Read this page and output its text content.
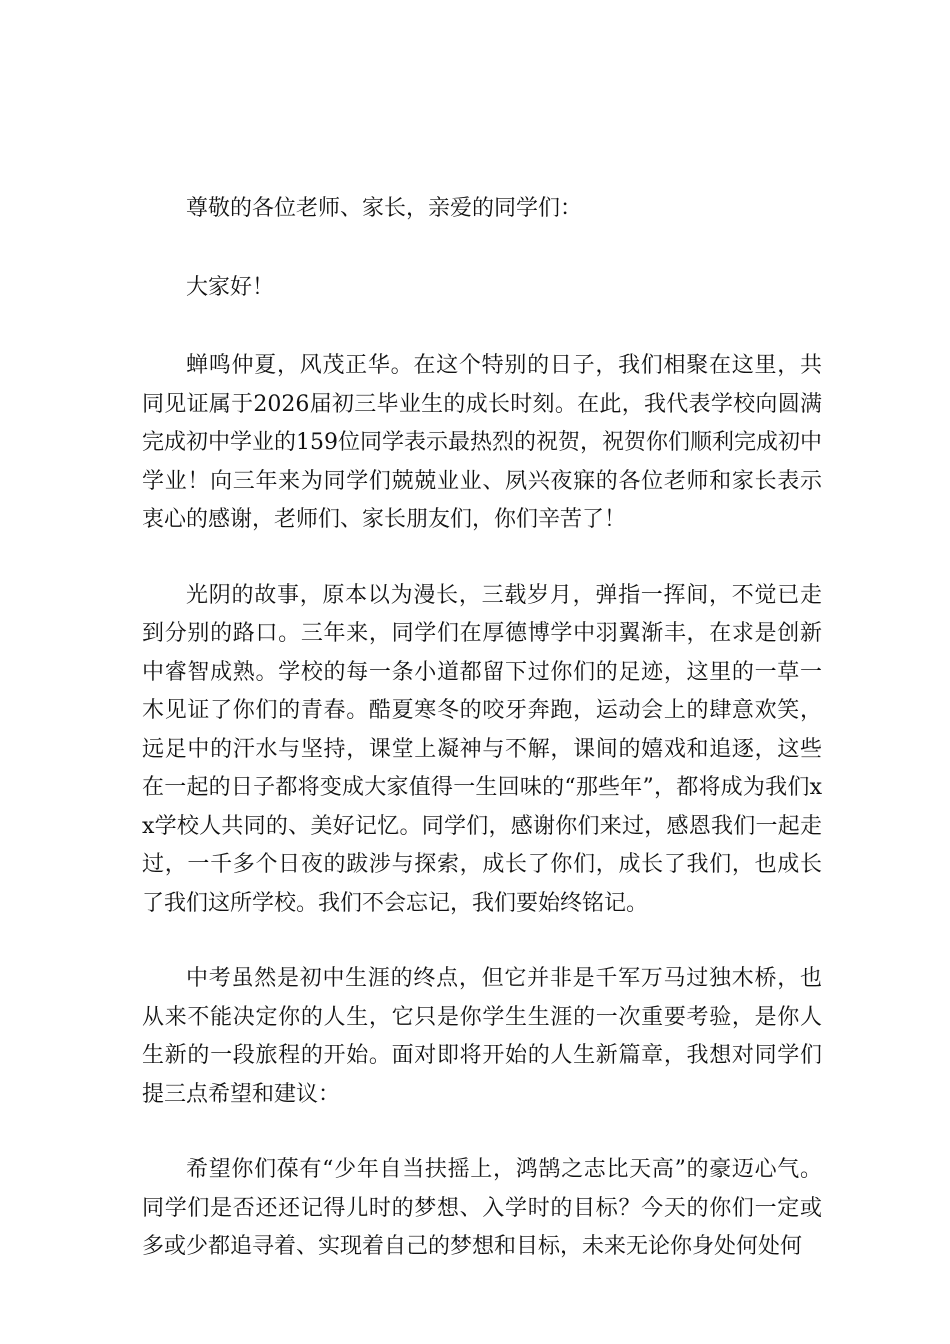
尊敬的各位老师、家长，亲爱的同学们：

大家好！

蝉鸣仲夏，风茂正华。在这个特别的日子，我们相聚在这里，共同见证属于2026届初三毕业生的成长时刻。在此，我代表学校向圆满完成初中学业的159位同学表示最热烈的祝贺，祝贺你们顺利完成初中学业！向三年来为同学们兢兢业业、夙兴夜寐的各位老师和家长表示衷心的感谢，老师们、家长朋友们，你们辛苦了！

光阴的故事，原本以为漫长，三载岁月，弹指一挥间，不觉已走到分别的路口。三年来，同学们在厚德博学中羽翼渐丰，在求是创新中睿智成熟。学校的每一条小道都留下过你们的足迹，这里的一草一木见证了你们的青春。酷夏寒冬的咬牙奔跑，运动会上的肆意欢笑，远足中的汗水与坚持，课堂上凝神与不解，课间的嬉戏和追逐，这些在一起的日子都将变成大家值得一生回味的“那些年”，都将成为我们xx学校人共同的、美好记忆。同学们，感谢你们来过，感恩我们一起走过，一千多个日夜的跋涉与探索，成长了你们，成长了我们，也成长了我们这所学校。我们不会忘记，我们要始终铭记。

中考虽然是初中生涯的终点，但它并非是千军万马过独木桥，也从来不能决定你的人生，它只是你学生生涯的一次重要考验，是你人生新的一段旅程的开始。面对即将开始的人生新篇章，我想对同学们提三点希望和建议：

希望你们葆有“少年自当扶摇上，鸿鹄之志比天高”的豪迈心气。同学们是否还还记得儿时的梦想、入学时的目标？今天的你们一定或多或少都追寻着、实现着自己的梦想和目标，未来无论你身处何处何
